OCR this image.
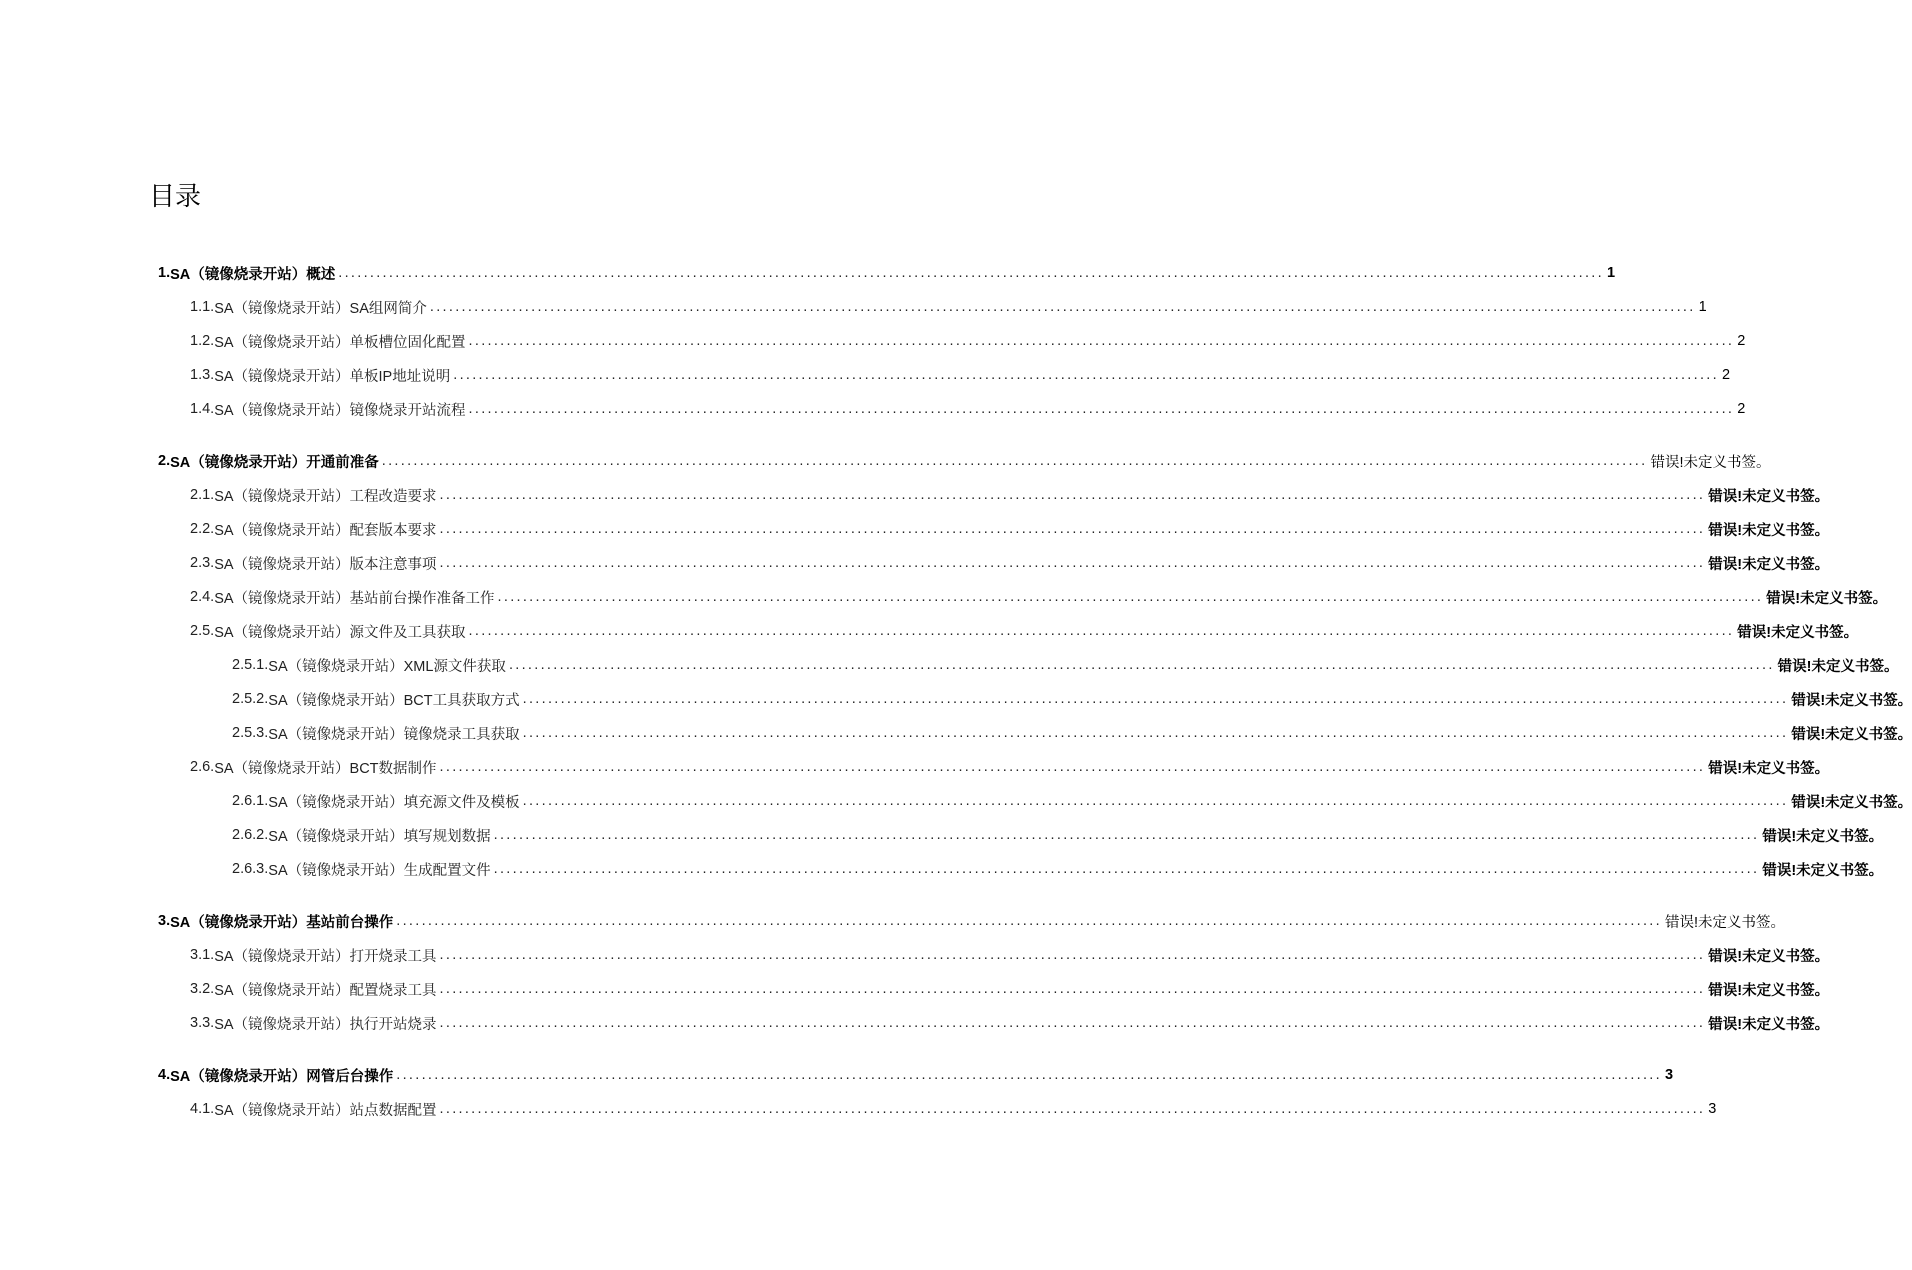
目录
1. SA（镜像烧录开站）概述 ........................................................................................................................................................................................................ 1
1.1. SA（镜像烧录开站）SA组网简介 ........................................................................................................................................................................................................ 1
1.2. SA（镜像烧录开站）单板槽位固化配置 ........................................................................................................................................................................................................ 2
1.3. SA（镜像烧录开站）单板IP地址说明 ........................................................................................................................................................................................................ 2
1.4. SA（镜像烧录开站）镜像烧录开站流程 ........................................................................................................................................................................................................ 2
2. SA（镜像烧录开站）开通前准备 ........................................................................................................................................................................................................ 错误!未定义书签。
2.1. SA（镜像烧录开站）工程改造要求 ........................................................................................................................................................................................................ 错误!未定义书签。
2.2. SA（镜像烧录开站）配套版本要求 ........................................................................................................................................................................................................ 错误!未定义书签。
2.3. SA（镜像烧录开站）版本注意事项 ........................................................................................................................................................................................................ 错误!未定义书签。
2.4. SA（镜像烧录开站）基站前台操作准备工作 ........................................................................................................................................................................................................ 错误!未定义书签。
2.5. SA（镜像烧录开站）源文件及工具获取 ........................................................................................................................................................................................................ 错误!未定义书签。
2.5.1. SA（镜像烧录开站）XML源文件获取 ........................................................................................................................................................................................................ 错误!未定义书签。
2.5.2. SA（镜像烧录开站）BCT工具获取方式 ........................................................................................................................................................................................................ 错误!未定义书签。
2.5.3. SA（镜像烧录开站）镜像烧录工具获取 ........................................................................................................................................................................................................ 错误!未定义书签。
2.6. SA（镜像烧录开站）BCT数据制作 ........................................................................................................................................................................................................ 错误!未定义书签。
2.6.1. SA（镜像烧录开站）填充源文件及模板 ........................................................................................................................................................................................................ 错误!未定义书签。
2.6.2. SA（镜像烧录开站）填写规划数据 ........................................................................................................................................................................................................ 错误!未定义书签。
2.6.3. SA（镜像烧录开站）生成配置文件 ........................................................................................................................................................................................................ 错误!未定义书签。
3. SA（镜像烧录开站）基站前台操作 ........................................................................................................................................................................................................ 错误!未定义书签。
3.1. SA（镜像烧录开站）打开烧录工具 ........................................................................................................................................................................................................ 错误!未定义书签。
3.2. SA（镜像烧录开站）配置烧录工具 ........................................................................................................................................................................................................ 错误!未定义书签。
3.3. SA（镜像烧录开站）执行开站烧录 ........................................................................................................................................................................................................ 错误!未定义书签。
4. SA（镜像烧录开站）网管后台操作 ........................................................................................................................................................................................................ 3
4.1. SA（镜像烧录开站）站点数据配置 ........................................................................................................................................................................................................ 3
